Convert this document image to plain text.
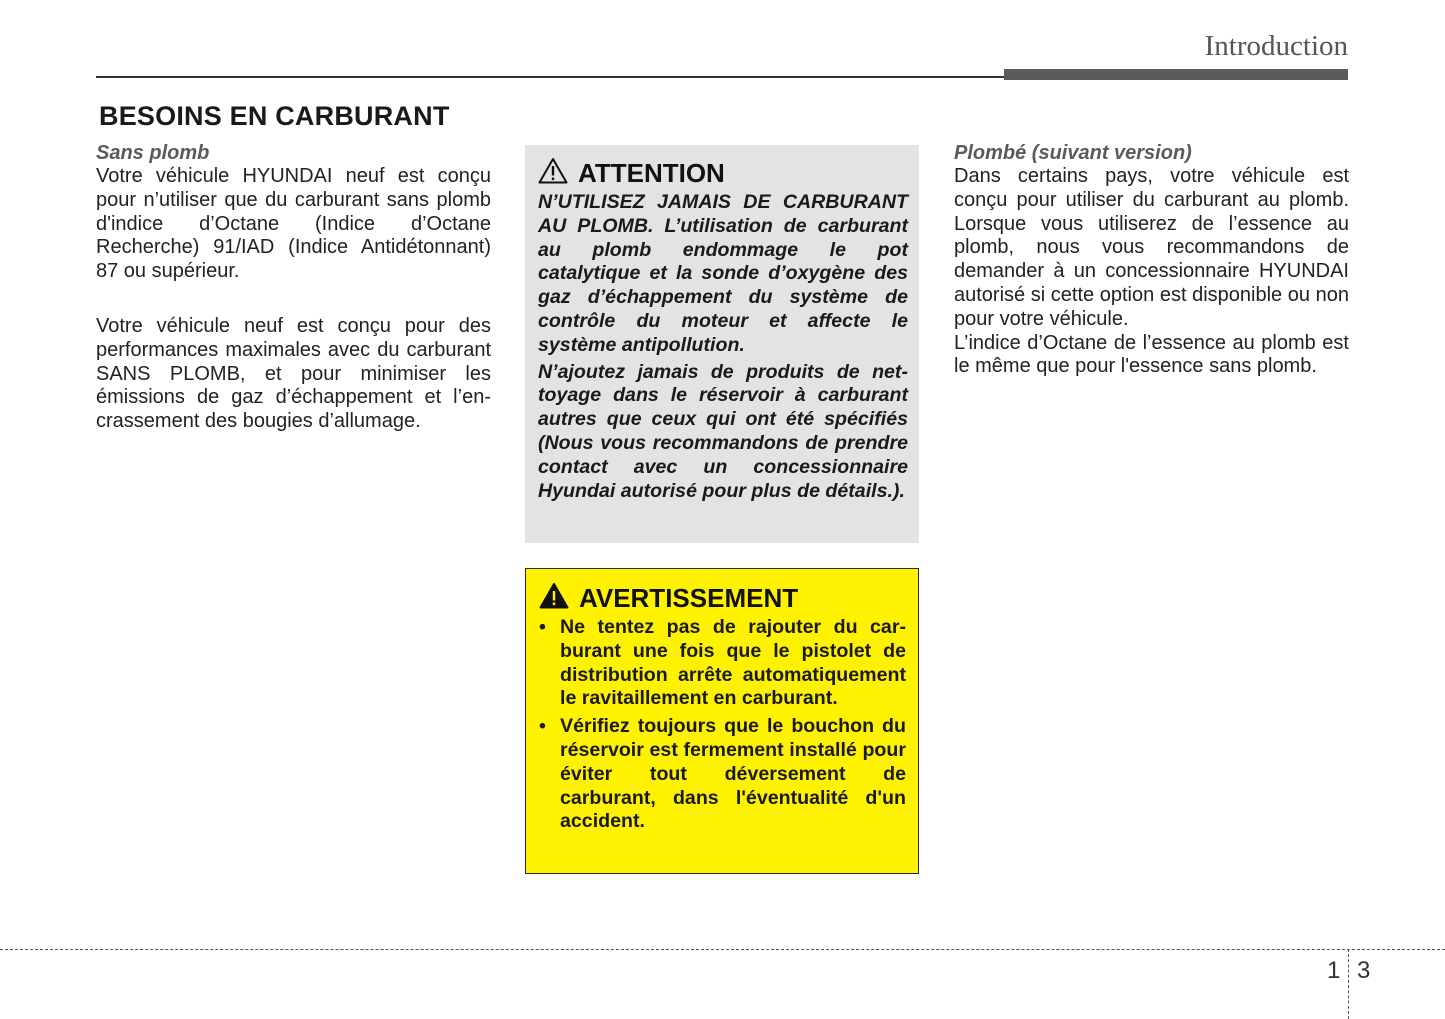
Introduction
BESOINS EN CARBURANT

Sans plomb

Votre véhicule HYUNDAI neuf est conçu pour n’utiliser que du carburant sans plomb d'indice d’Octane (Indice d’Octane Recherche) 91/IAD (Indice Antidétonnant) 87 ou supérieur.

Votre véhicule neuf est conçu pour des performances maximales avec du carburant SANS PLOMB, et pour minimiser les émissions de gaz d’échappement et l’encrassement des bougies d’allumage.

ATTENTION

N’UTILISEZ JAMAIS DE CARBURANT AU PLOMB. L’utilisation de carburant au plomb endommage le pot catalytique et la sonde d’oxygène des gaz d’échappement du système de contrôle du moteur et affecte le système antipollution.

N’ajoutez jamais de produits de nettoyage dans le réservoir à carburant autres que ceux qui ont été spécifiés (Nous vous recommandons de prendre contact avec un concessionnaire Hyundai autorisé pour plus de détails.).

AVERTISSEMENT
• Ne tentez pas de rajouter du carburant une fois que le pistolet de distribution arrête automatiquement le ravitaillement en carburant.
• Vérifiez toujours que le bouchon du réservoir est fermement installé pour éviter tout déversement de carburant, dans l'éventualité d'un accident.

Plombé (suivant version)

Dans certains pays, votre véhicule est conçu pour utiliser du carburant au plomb. Lorsque vous utiliserez de l’essence au plomb, nous vous recommandons de demander à un concessionnaire HYUNDAI autorisé si cette option est disponible ou non pour votre véhicule.

L’indice d’Octane de l’essence au plomb est le même que pour l'essence sans plomb.

1 3
